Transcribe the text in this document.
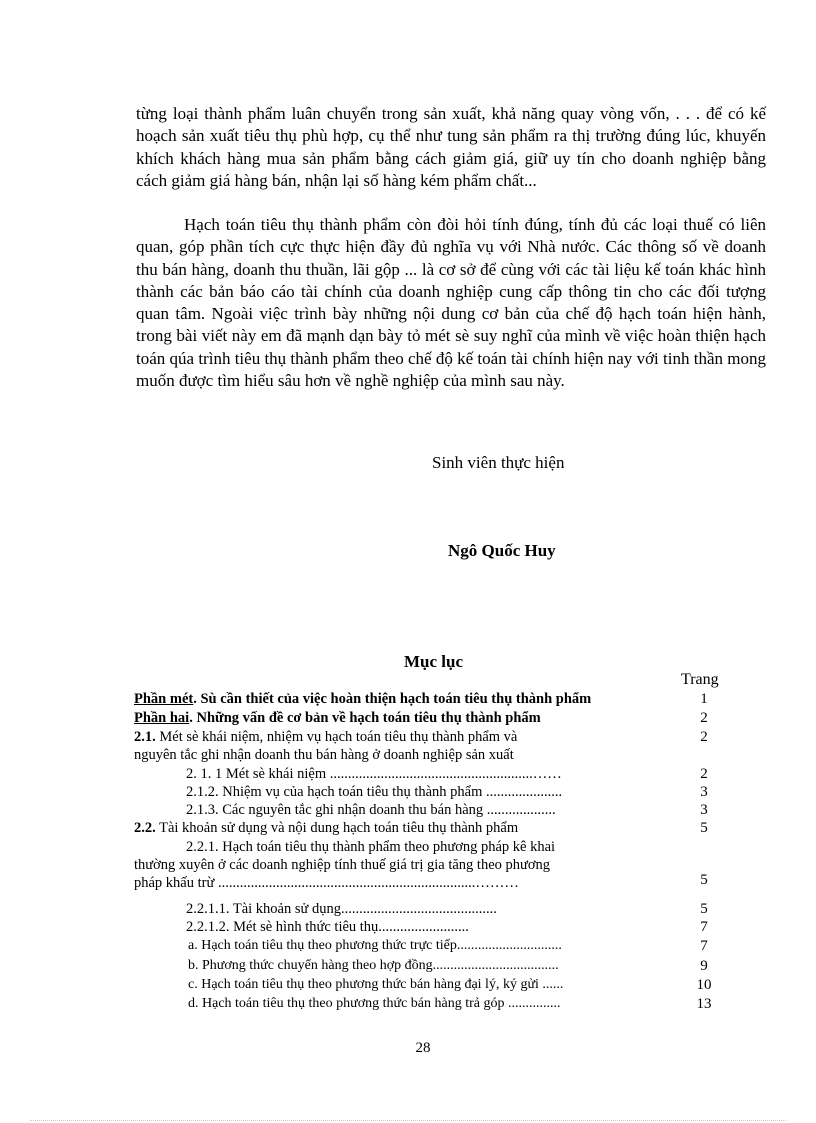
từng loại thành phẩm luân chuyển trong sản xuất, khả năng quay vòng vốn, . . . để có kế hoạch sản xuất tiêu thụ phù hợp, cụ thể như tung sản phẩm ra thị trường đúng lúc, khuyến khích khách hàng mua sản phẩm bằng cách giảm giá, giữ uy tín cho doanh nghiệp bằng cách giảm giá hàng bán, nhận lại số hàng kém phẩm chất...

Hạch toán tiêu thụ thành phẩm còn đòi hỏi tính đúng, tính đủ các loại thuế có liên quan, góp phần tích cực thực hiện đầy đủ nghĩa vụ với Nhà nước. Các thông số về doanh thu bán hàng, doanh thu thuần, lãi gộp ... là cơ sở để cùng với các tài liệu kế toán khác hình thành các bản báo cáo tài chính của doanh nghiệp cung cấp thông tin cho các đối tượng quan tâm. Ngoài việc trình bày những nội dung cơ bản của chế độ hạch toán hiện hành, trong bài viết này em đã mạnh dạn bày tỏ mét sè suy nghĩ của mình về việc hoàn thiện hạch toán qúa trình tiêu thụ thành phẩm theo chế độ kế toán tài chính hiện nay với tinh thần mong muốn được tìm hiểu sâu hơn về nghề nghiệp của mình sau này.

Sinh viên thực hiện

Ngô Quốc Huy

Mục lục

Trang
Phần mét. Sù cần thiết của việc hoàn thiện hạch toán tiêu thụ thành phẩm	1
Phần hai. Những vấn đề cơ bản về hạch toán tiêu thụ thành phẩm	2
2.1. Mét sè khái niệm, nhiệm vụ hạch toán tiêu thụ thành phẩm và
nguyên tắc ghi nhận doanh thu bán hàng ở doanh nghiệp sản xuất
2
2. 1. 1 Mét sè khái niệm ........................................................……	2
2.1.2. Nhiệm vụ của hạch toán tiêu thụ thành phẩm .....................	3
2.1.3. Các nguyên tắc ghi nhận doanh thu bán hàng ...................	3
2.2. Tài khoản sử dụng và nội dung hạch toán tiêu thụ thành phẩm	5
2.2.1. Hạch toán tiêu thụ thành phẩm theo phương pháp kê khai
thường xuyên ở các doanh nghiệp tính thuế giá trị gia tăng theo phương
pháp khấu trừ .......................................................................………	5
2.2.1.1. Tài khoản sử dụng...........................................	5
2.2.1.2. Mét sè hình thức tiêu thụ.........................	7
a. Hạch toán tiêu thụ theo phương thức trực tiếp..............................	7
b. Phương thức chuyển hàng theo hợp đồng....................................	9
c. Hạch toán tiêu thụ theo phương thức bán hàng đại lý, ký gửi ......	10
d. Hạch toán tiêu thụ theo phương thức bán hàng trả góp ...............	13
28
